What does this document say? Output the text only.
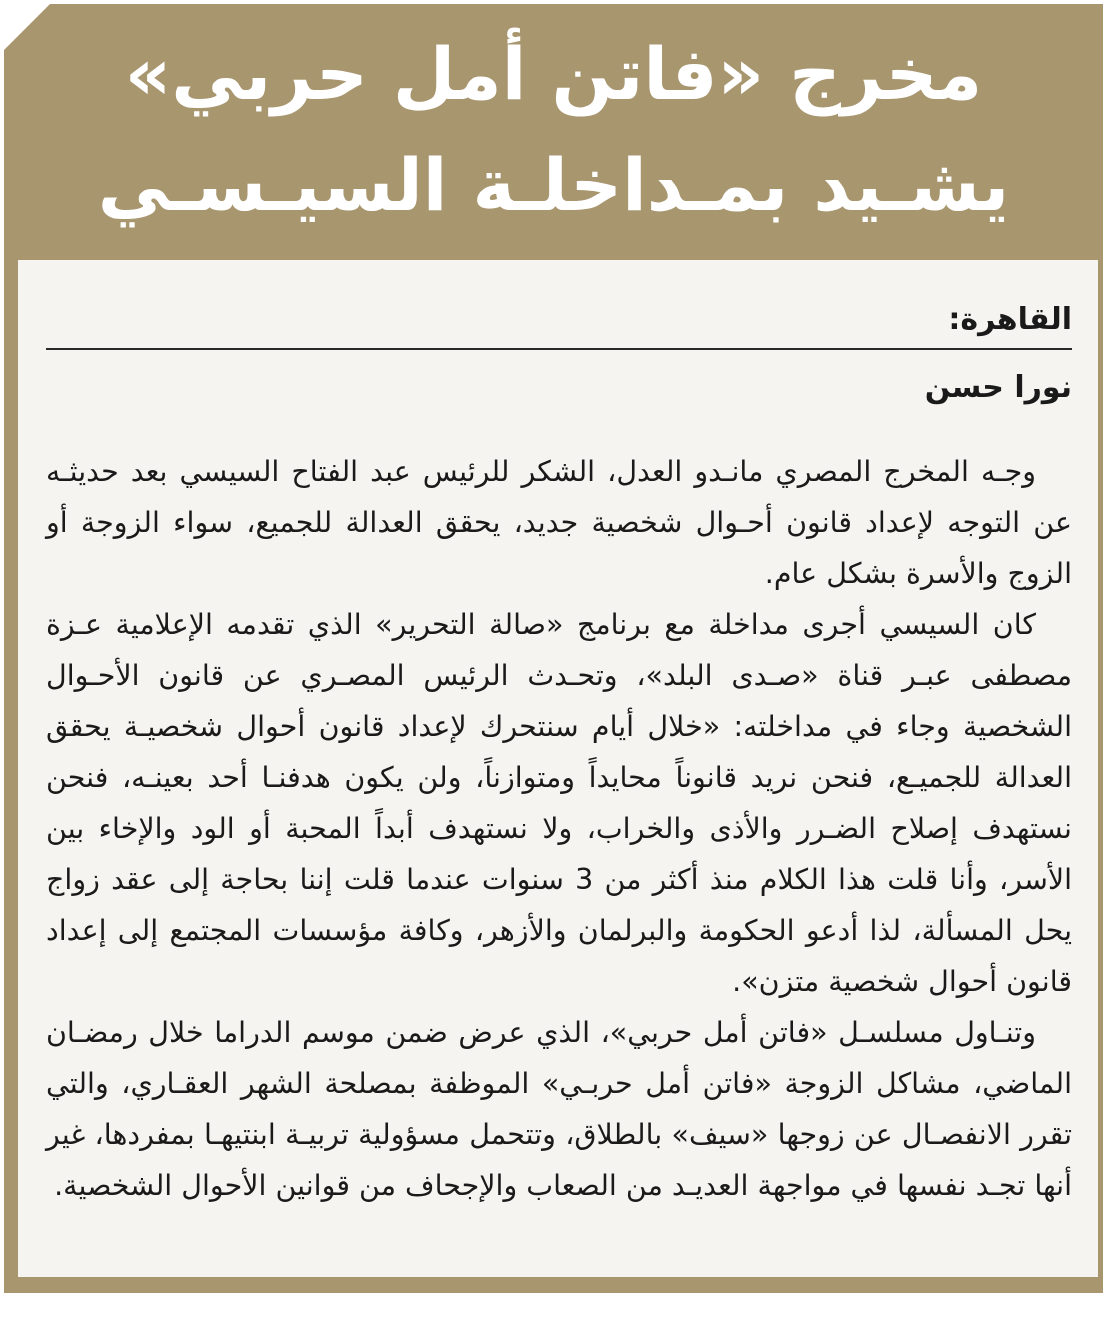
مخرج «فاتن أمل حربي»
يشـيد بمـداخلـة السيـسـي
القاهرة:
نورا حسن

وجـه المخرج المصري مانـدو العدل، الشكر للرئيس عبد الفتاح السيسي بعد حديثـه عن التوجه لإعداد قانون أحـوال شخصية جديد، يحقق العدالة للجميع، سواء الزوجة أو الزوج والأسرة بشكل عام.

كان السيسي أجرى مداخلة مع برنامج «صالة التحرير» الذي تقدمه الإعلامية عـزة مصطفى عبـر قناة «صـدى البلد»، وتحـدث الرئيس المصـري عن قانون الأحـوال الشخصية وجاء في مداخلته: «خلال أيام سنتحرك لإعداد قانون أحوال شخصيـة يحقق العدالة للجميـع، فنحن نريد قانوناً محايداً ومتوازناً، ولن يكون هدفنـا أحد بعينـه، فنحن نستهدف إصلاح الضـرر والأذى والخراب، ولا نستهدف أبداً المحبة أو الود والإخاء بين الأسر، وأنا قلت هذا الكلام منذ أكثر من 3 سنوات عندما قلت إننا بحاجة إلى عقد زواج يحل المسألة، لذا أدعو الحكومة والبرلمان والأزهر، وكافة مؤسسات المجتمع إلى إعداد قانون أحوال شخصية متزن».

وتنـاول مسلسـل «فاتن أمل حربي»، الذي عرض ضمن موسم الدراما خلال رمضـان الماضي، مشاكل الزوجة «فاتن أمل حربـي» الموظفة بمصلحة الشهر العقـاري، والتي تقرر الانفصـال عن زوجها «سيف» بالطلاق، وتتحمل مسؤولية تربيـة ابنتيهـا بمفردها، غير أنها تجـد نفسها في مواجهة العديـد من الصعاب والإجحاف من قوانين الأحوال الشخصية.
